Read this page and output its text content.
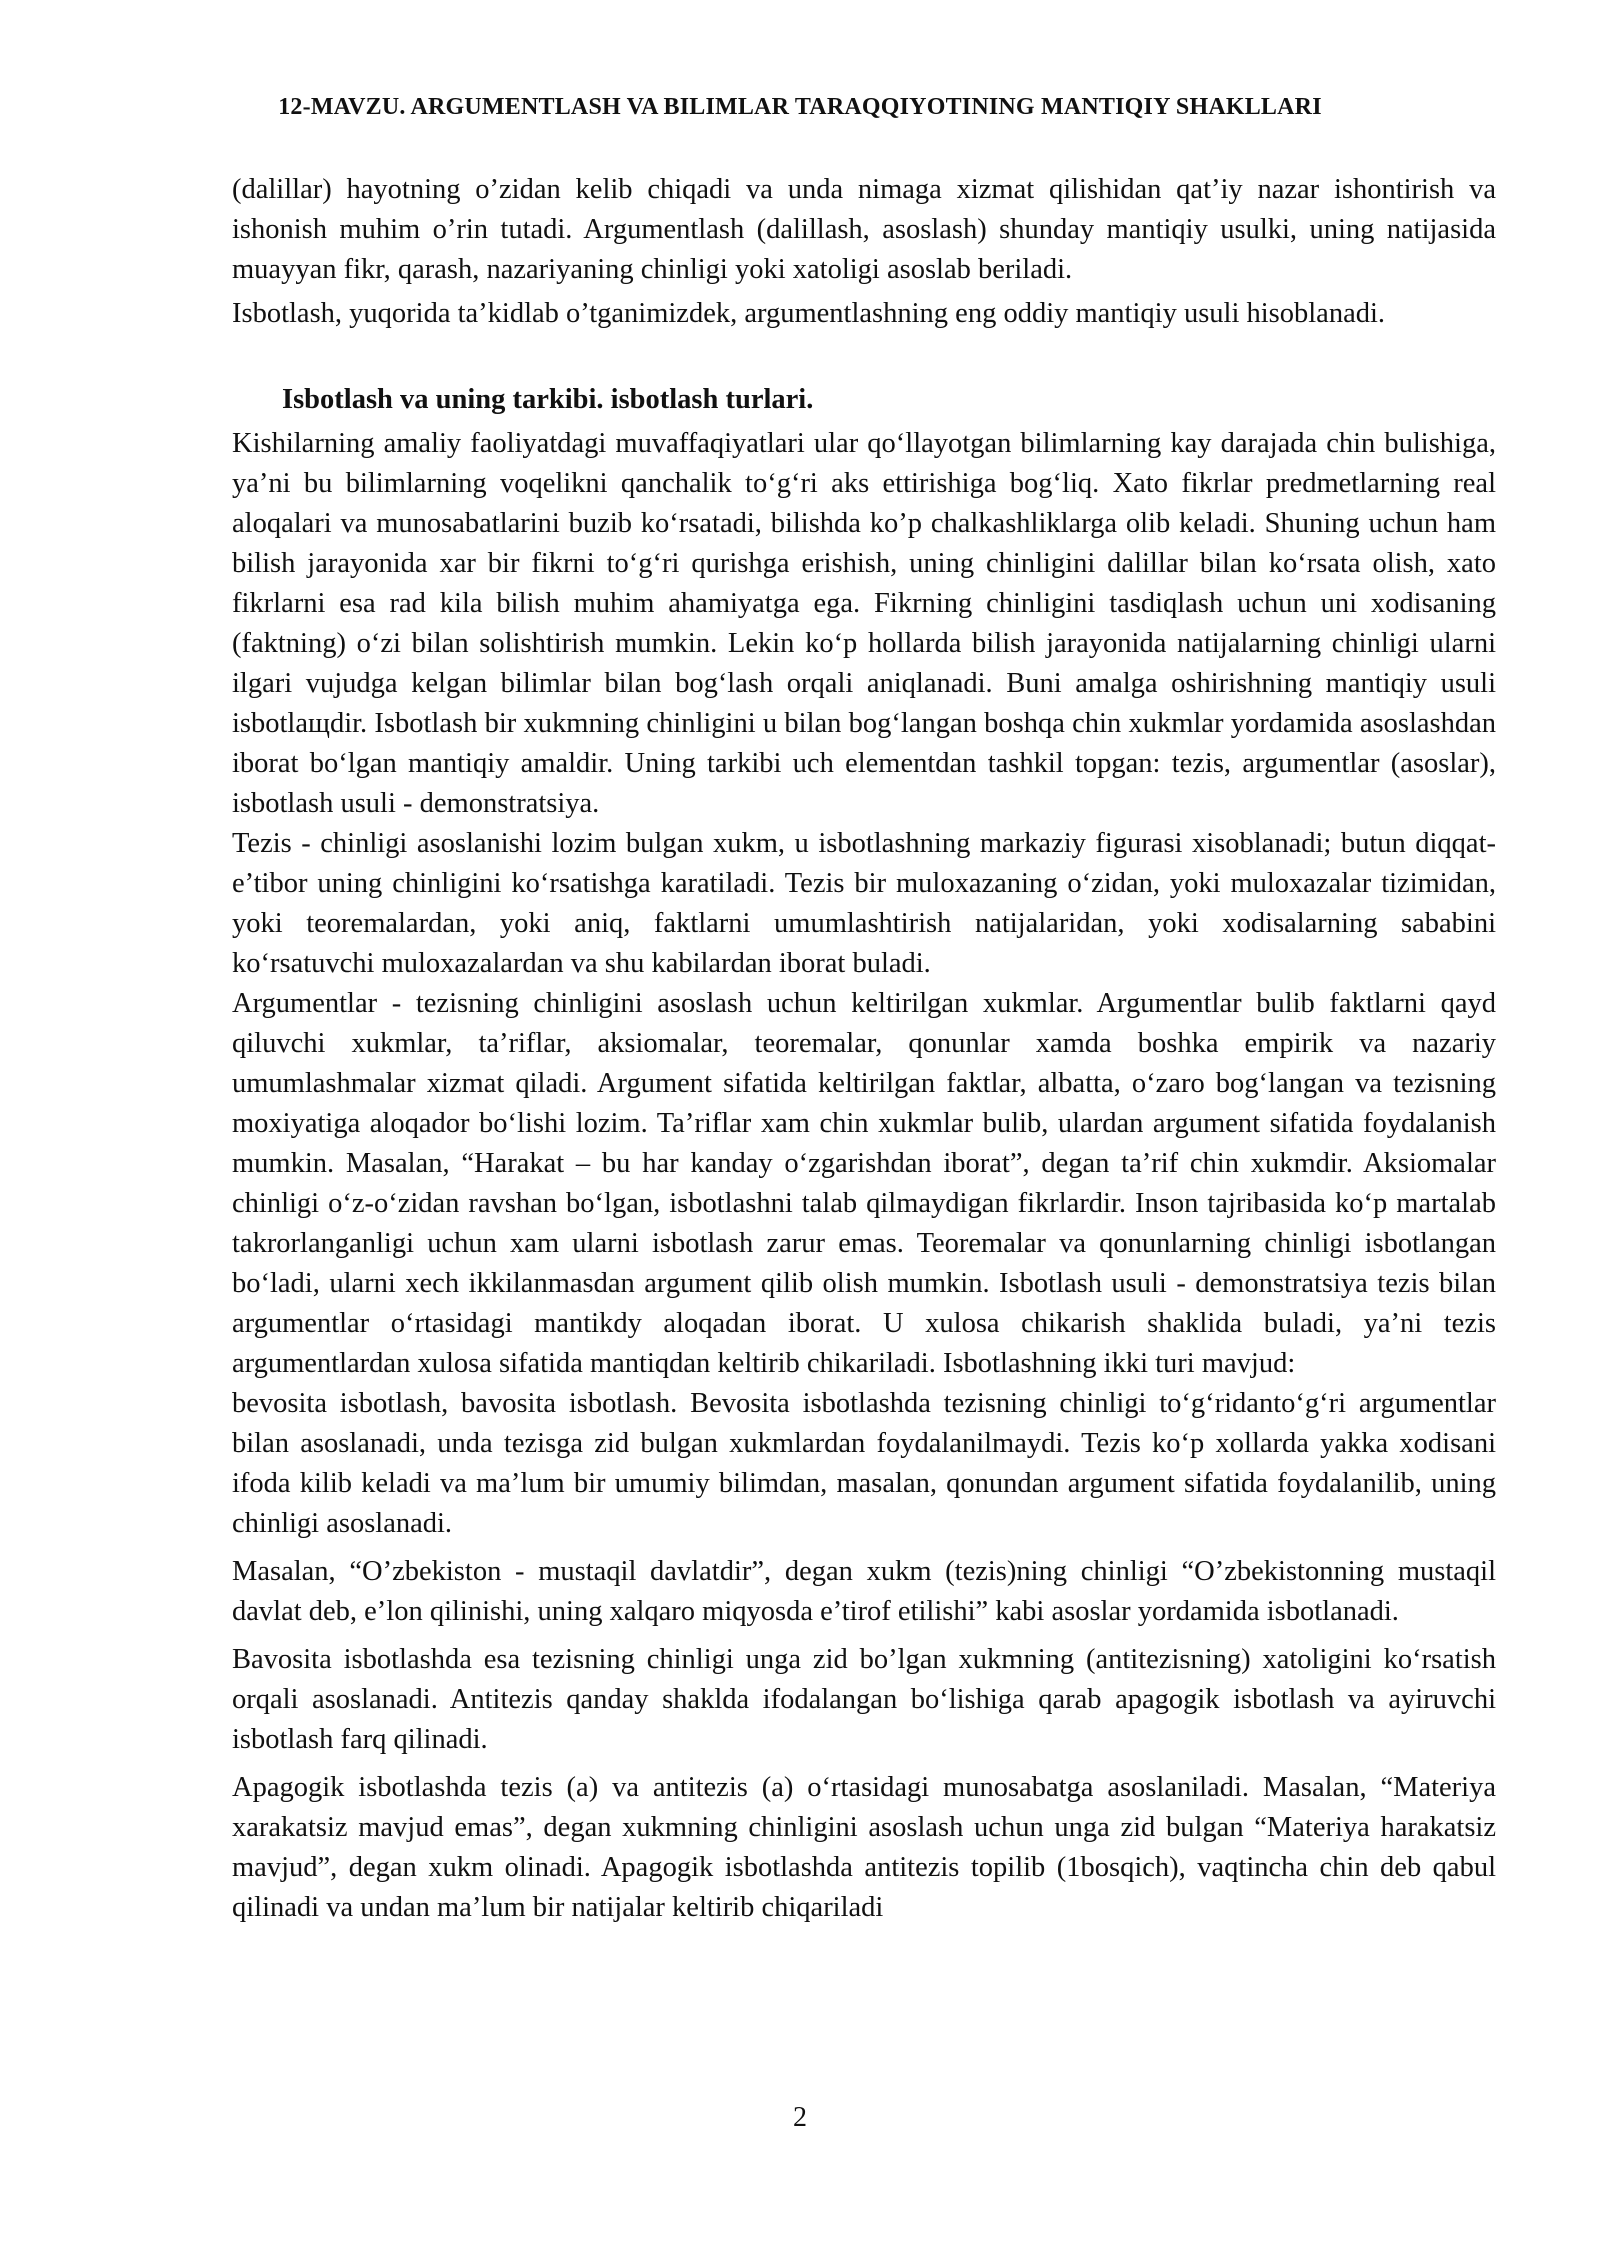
12-MAVZU. ARGUMENTLASH VA BILIMLAR TARAQQIYOTINING MANTIQIY SHAKLLARI

(dalillar) hayotning o’zidan kelib chiqadi va unda nimaga xizmat qilishidan qat’iy nazar ishontirish va ishonish muhim o’rin tutadi. Argumentlash (dalillash, asoslash) shunday mantiqiy usulki, uning natijasida muayyan fikr, qarash, nazariyaning chinligi yoki xatoligi asoslab beriladi.

Isbotlash, yuqorida ta’kidlab o’tganimizdek, argumentlashning eng oddiy mantiqiy usuli hisoblanadi.

Isbotlash va uning tarkibi. isbotlash turlari.

Kishilarning amaliy faoliyatdagi muvaffaqiyatlari ular qo‘llayotgan bilimlarning kay darajada chin bulishiga, ya’ni bu bilimlarning voqelikni qanchalik to‘g‘ri aks ettirishiga bog‘liq. Xato fikrlar predmetlarning real aloqalari va munosabatlarini buzib ko‘rsatadi, bilishda ko’p chalkashliklarga olib keladi. Shuning uchun ham bilish jarayonida xar bir fikrni to‘g‘ri qurishga erishish, uning chinligini dalillar bilan ko‘rsata olish, xato fikrlarni esa rad kila bilish muhim ahamiyatga ega. Fikrning chinligini tasdiqlash uchun uni xodisaning (faktning) o‘zi bilan solishtirish mumkin. Lekin ko‘p hollarda bilish jarayonida natijalarning chinligi ularni ilgari vujudga kelgan bilimlar bilan bog‘lash orqali aniqlanadi. Buni amalga oshirishning mantiqiy usuli isbotlaщdir. Isbotlash bir xukmning chinligini u bilan bog‘langan boshqa chin xukmlar yordamida asoslashdan iborat bo‘lgan mantiqiy amaldir. Uning tarkibi uch elementdan tashkil topgan: tezis, argumentlar (asoslar), isbotlash usuli - demonstratsiya.

Tezis - chinligi asoslanishi lozim bulgan xukm, u isbotlashning markaziy figurasi xisoblanadi; butun diqqat-e’tibor uning chinligini ko‘rsatishga karatiladi. Tezis bir muloxazaning o‘zidan, yoki muloxazalar tizimidan, yoki teoremalardan, yoki aniq, faktlarni umumlashtirish natijalaridan, yoki xodisalarning sababini ko‘rsatuvchi muloxazalardan va shu kabilardan iborat buladi.

Argumentlar - tezisning chinligini asoslash uchun keltirilgan xukmlar. Argumentlar bulib faktlarni qayd qiluvchi xukmlar, ta’riflar, aksiomalar, teoremalar, qonunlar xamda boshka empirik va nazariy umumlashmalar xizmat qiladi. Argument sifatida keltirilgan faktlar, albatta, o‘zaro bog‘langan va tezisning moxiyatiga aloqador bo‘lishi lozim. Ta’riflar xam chin xukmlar bulib, ulardan argument sifatida foydalanish mumkin. Masalan, “Harakat – bu har kanday o‘zgarishdan iborat”, degan ta’rif chin xukmdir. Aksiomalar chinligi o‘z-o‘zidan ravshan bo‘lgan, isbotlashni talab qilmaydigan fikrlardir. Inson tajribasida ko‘p martalab takrorlanganligi uchun xam ularni isbotlash zarur emas. Teoremalar va qonunlarning chinligi isbotlangan bo‘ladi, ularni xech ikkilanmasdan argument qilib olish mumkin. Isbotlash usuli - demonstratsiya tezis bilan argumentlar o‘rtasidagi mantikdy aloqadan iborat. U xulosa chikarish shaklida buladi, ya’ni tezis argumentlardan xulosa sifatida mantiqdan keltirib chikariladi. Isbotlashning ikki turi mavjud:

bevosita isbotlash, bavosita isbotlash. Bevosita isbotlashda tezisning chinligi to‘g‘ridanto‘g‘ri argumentlar bilan asoslanadi, unda tezisga zid bulgan xukmlardan foydalanilmaydi. Tezis ko‘p xollarda yakka xodisani ifoda kilib keladi va ma’lum bir umumiy bilimdan, masalan, qonundan argument sifatida foydalanilib, uning chinligi asoslanadi.

Masalan, “O’zbekiston - mustaqil davlatdir”, degan xukm (tezis)ning chinligi “O’zbekistonning mustaqil davlat deb, e’lon qilinishi, uning xalqaro miqyosda e’tirof etilishi” kabi asoslar yordamida isbotlanadi.

Bavosita isbotlashda esa tezisning chinligi unga zid bo’lgan xukmning (antitezisning) xatoligini ko‘rsatish orqali asoslanadi. Antitezis qanday shaklda ifodalangan bo‘lishiga qarab apagogik isbotlash va ayiruvchi isbotlash farq qilinadi.

Apagogik isbotlashda tezis (a) va antitezis (a) o‘rtasidagi munosabatga asoslaniladi. Masalan, “Materiya xarakatsiz mavjud emas”, degan xukmning chinligini asoslash uchun unga zid bulgan “Materiya harakatsiz mavjud”, degan xukm olinadi. Apagogik isbotlashda antitezis topilib (1bosqich), vaqtincha chin deb qabul qilinadi va undan ma’lum bir natijalar keltirib chiqariladi

2
